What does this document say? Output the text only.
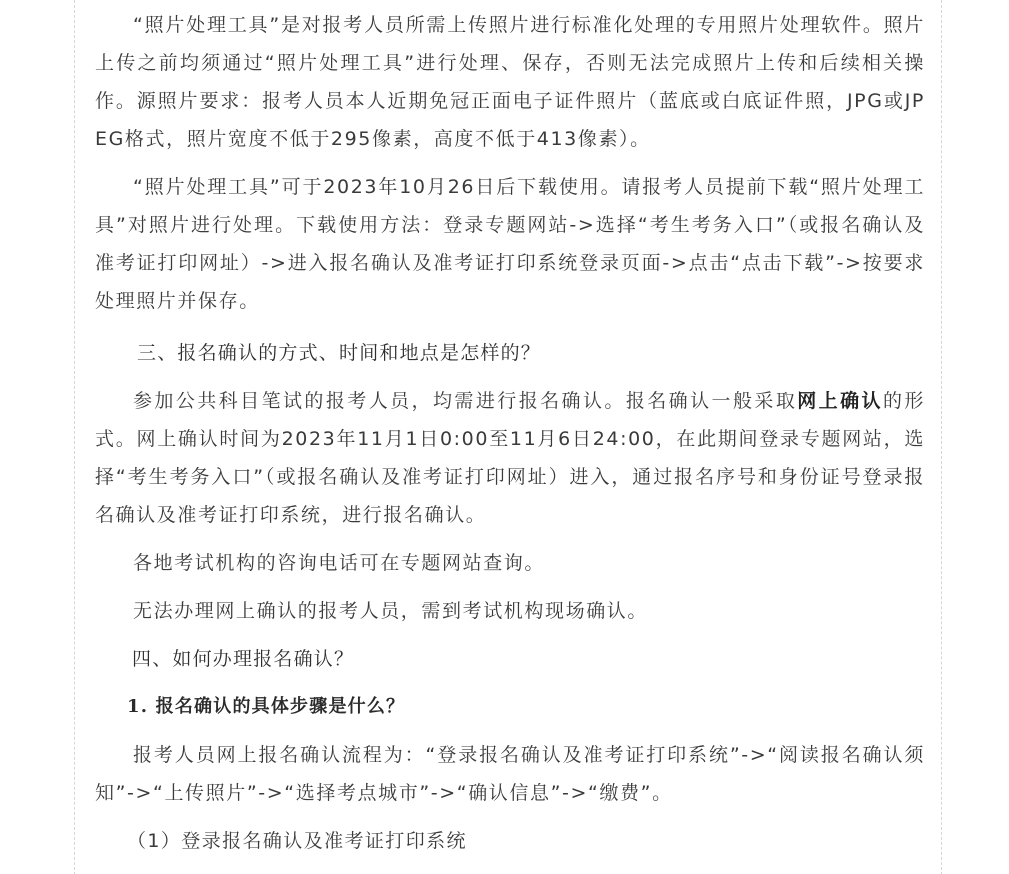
“照片处理工具”是对报考人员所需上传照片进行标准化处理的专用照片处理软件。照片上传之前均须通过“照片处理工具”进行处理、保存，否则无法完成照片上传和后续相关操作。源照片要求：报考人员本人近期免冠正面电子证件照片（蓝底或白底证件照，JPG或JPEG格式，照片宽度不低于295像素，高度不低于413像素）。

“照片处理工具”可于2023年10月26日后下载使用。请报考人员提前下载“照片处理工具”对照片进行处理。下载使用方法：登录专题网站->选择“考生考务入口”（或报名确认及准考证打印网址）->进入报名确认及准考证打印系统登录页面->点击“点击下载”->按要求处理照片并保存。

三、报名确认的方式、时间和地点是怎样的？

参加公共科目笔试的报考人员，均需进行报名确认。报名确认一般采取网上确认的形式。网上确认时间为2023年11月1日0:00至11月6日24:00，在此期间登录专题网站，选择“考生考务入口”（或报名确认及准考证打印网址）进入，通过报名序号和身份证号登录报名确认及准考证打印系统，进行报名确认。

各地考试机构的咨询电话可在专题网站查询。

无法办理网上确认的报考人员，需到考试机构现场确认。

四、如何办理报名确认？
1. 报名确认的具体步骤是什么？

报考人员网上报名确认流程为：“登录报名确认及准考证打印系统”->“阅读报名确认须知”->“上传照片”->“选择考点城市”->“确认信息”->“缴费”。

（1）登录报名确认及准考证打印系统
